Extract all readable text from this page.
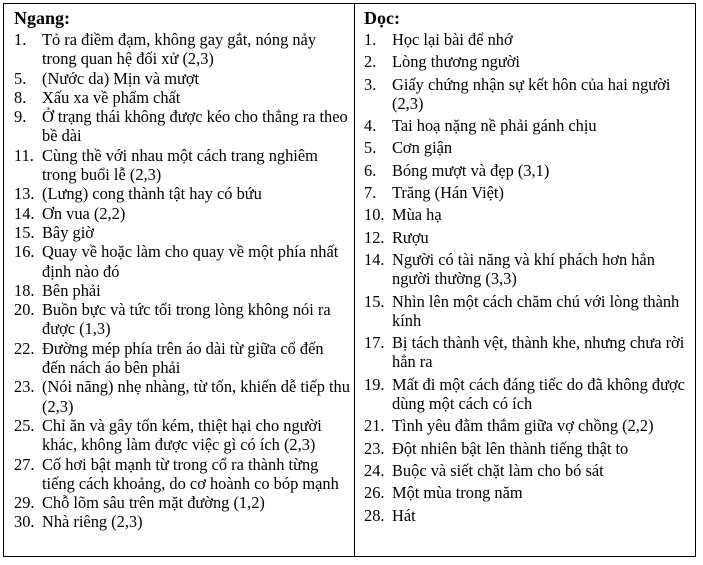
Ngang:
1. Tỏ ra điềm đạm, không gay gắt, nóng nảy trong quan hệ đối xử (2,3)
5. (Nước da) Mịn và mượt
8. Xấu xa về phẩm chất
9. Ở trạng thái không được kéo cho thẳng ra theo bề dài
11. Cùng thề với nhau một cách trang nghiêm trong buổi lễ (2,3)
13. (Lưng) cong thành tật hay có bứu
14. Ơn vua (2,2)
15. Bây giờ
16. Quay về hoặc làm cho quay về một phía nhất định nào đó
18. Bên phải
20. Buồn bực và tức tối trong lòng không nói ra được (1,3)
22. Đường mép phía trên áo dài từ giữa cổ đến đến nách áo bên phải
23. (Nói năng) nhẹ nhàng, từ tốn, khiến dễ tiếp thu (2,3)
25. Chỉ ăn và gây tốn kém, thiệt hại cho người khác, không làm được việc gì có ích (2,3)
27. Cố hơi bật mạnh từ trong cổ ra thành từng tiếng cách khoảng, do cơ hoành co bóp mạnh
29. Chỗ lõm sâu trên mặt đường (1,2)
30. Nhà riêng (2,3)
Dọc:
1. Học lại bài để nhớ
2. Lòng thương người
3. Giấy chứng nhận sự kết hôn của hai người (2,3)
4. Tai hoạ nặng nề phải gánh chịu
5. Cơn giận
6. Bóng mượt và đẹp (3,1)
7. Trăng (Hán Việt)
10. Mùa hạ
12. Rượu
14. Người có tài năng và khí phách hơn hẳn người thường (3,3)
15. Nhìn lên một cách chăm chú với lòng thành kính
17. Bị tách thành vệt, thành khe, nhưng chưa rời hẳn ra
19. Mất đi một cách đáng tiếc do đã không được dùng một cách có ích
21. Tình yêu đằm thắm giữa vợ chồng (2,2)
23. Đột nhiên bật lên thành tiếng thật to
24. Buộc và siết chặt làm cho bó sát
26. Một mùa trong năm
28. Hát
